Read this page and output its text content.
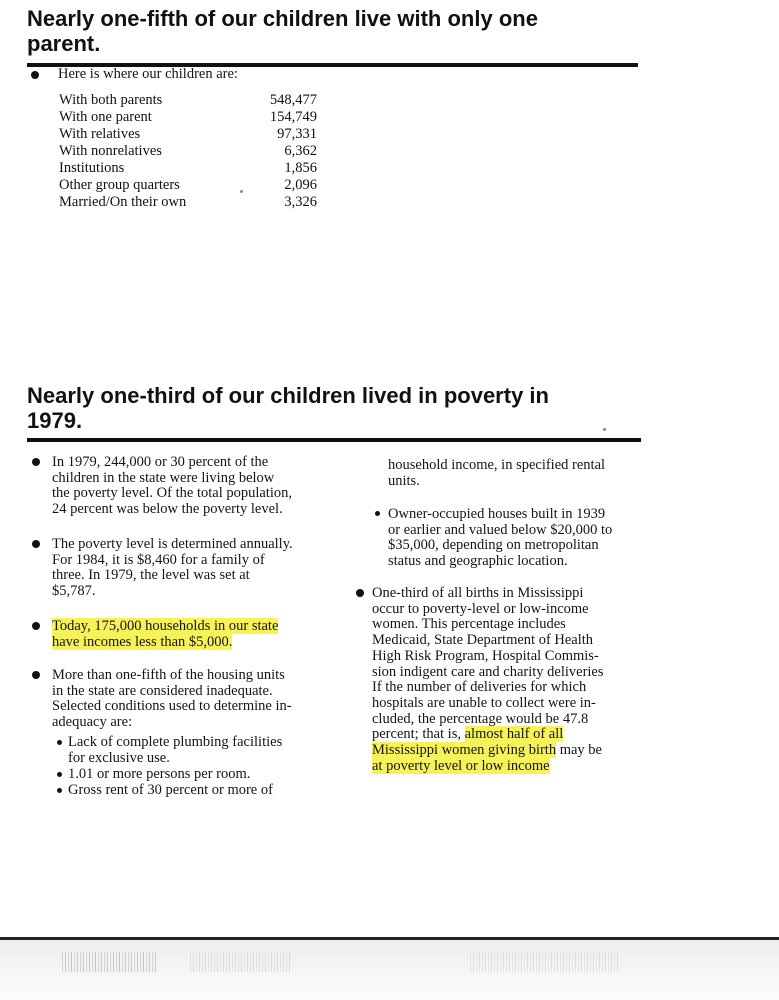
Nearly one-fifth of our children live with only one
parent.

Here is where our children are:

With both parents	548,477
With one parent	154,749
With relatives	97,331
With nonrelatives	6,362
Institutions	1,856
Other group quarters	2,096
Married/On their own	3,326
Nearly one-third of our children lived in poverty in
1979.

In 1979, 244,000 or 30 percent of the
children in the state were living below
the poverty level. Of the total population,
24 percent was below the poverty level.

The poverty level is determined annually.
For 1984, it is $8,460 for a family of
three. In 1979, the level was set at
$5,787.

Today, 175,000 households in our state
have incomes less than $5,000.

More than one-fifth of the housing units
in the state are considered inadequate.
Selected conditions used to determine in-
adequacy are:

Lack of complete plumbing facilities
for exclusive use.

1.01 or more persons per room.

Gross rent of 30 percent or more of

household income, in specified rental
units.

Owner-occupied houses built in 1939
or earlier and valued below $20,000 to
$35,000, depending on metropolitan
status and geographic location.

One-third of all births in Mississippi
occur to poverty-level or low-income
women. This percentage includes
Medicaid, State Department of Health
High Risk Program, Hospital Commis-
sion indigent care and charity deliveries
If the number of deliveries for which
hospitals are unable to collect were in-
cluded, the percentage would be 47.8
percent; that is, almost half of all
Mississippi women giving birth may be
at poverty level or low income
